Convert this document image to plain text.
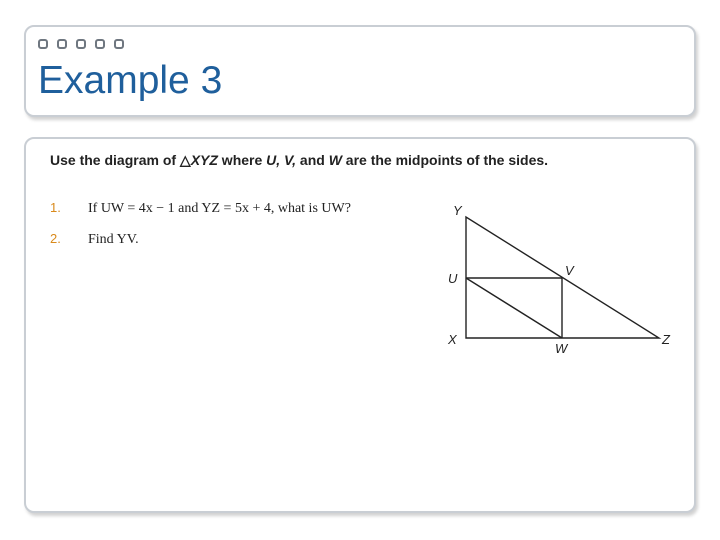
Example 3
Use the diagram of △XYZ where U, V, and W are the midpoints of the sides.
1. If UW = 4x − 1 and YZ = 5x + 4, what is UW?
2. Find YV.
Y
U
X
V
W
Z
